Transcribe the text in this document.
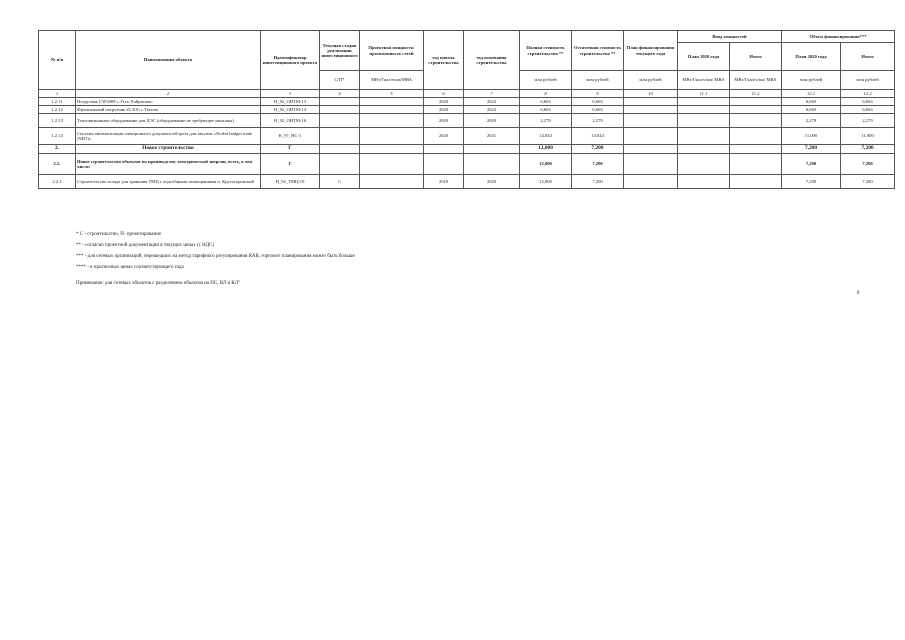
№ п/п	Наименование объекта	Идентификатор инвестиционного проекта	Текущая стадия реализации инвестиционного	Проектная мощность/ протяженность сетей	год начала строительства	год окончания строительства	Полная стоимость строительства **	Остаточная стоимость строительства **	План финансирования текущего года	Ввод мощностей		Объем финансирования***	
										План 2020 года	Итого	План 2020 года	Итого
			С/П*	МВт/Гкал/ч/км/МВА			млн рублей	млн рублей	млн рублей	МВт/Гкал/ч/км/ МВА	МВт/Гкал/ч/км/ МВА	млн рублей	млн рублей
1	2	3	4	5	6	7	8	9	10	11.1	11.2	12.1	12.2
1.2.11	Погрузчик CW300F с.Усть-Хайрюзово	H_92_ОНТМ-13			2020	2022	6,663	6,663				6,663	6,663
1.2.12	Фронтальный погрузчик ZL30G с.Тигиль	H_92_ОНТМ-14			2020	2022	6,663	6,663				6,663	6,663
1.2.13	Тепловизионное оборудование для ДЭС (оборудование не требующее монтажа)	H_92_ОНТМ-16			2020	2020	2,279	2,279				2,279	2,279
1.2.14	Система автоматизации электронного документооборота для закупок «Norbit budget trade (NBT)»	K_97_НС-1			2020	2021	14,044	14,044				11,000	11,000
2.	Новое строительство	Г					12,000	7,200				7,200	7,200
2.2.	Новое строительство объектов по производству электрической энергии, всего, в том числе:	Г					12,000	7,200				7,200	7,200
2.2.1	Строительство склада для хранения ТМЦ с подсобными помещениями п. Крутогоровский	H_92_ТМЦ-19	С		2019	2020	12,000	7,200				7,200	7,200
* С - строительство, П- проектирование
** - согласно проектной документации в текущих ценах (с НДС)
*** - для сетевых организаций, перешедших на метод тарифного регулирования RAB, горизонт планирования может быть больше
**** - в прогнозных ценах соответствующего года
Примечание: для сетевых объектов с разделением объектов на ПС, ВЛ и КЛ"
8
